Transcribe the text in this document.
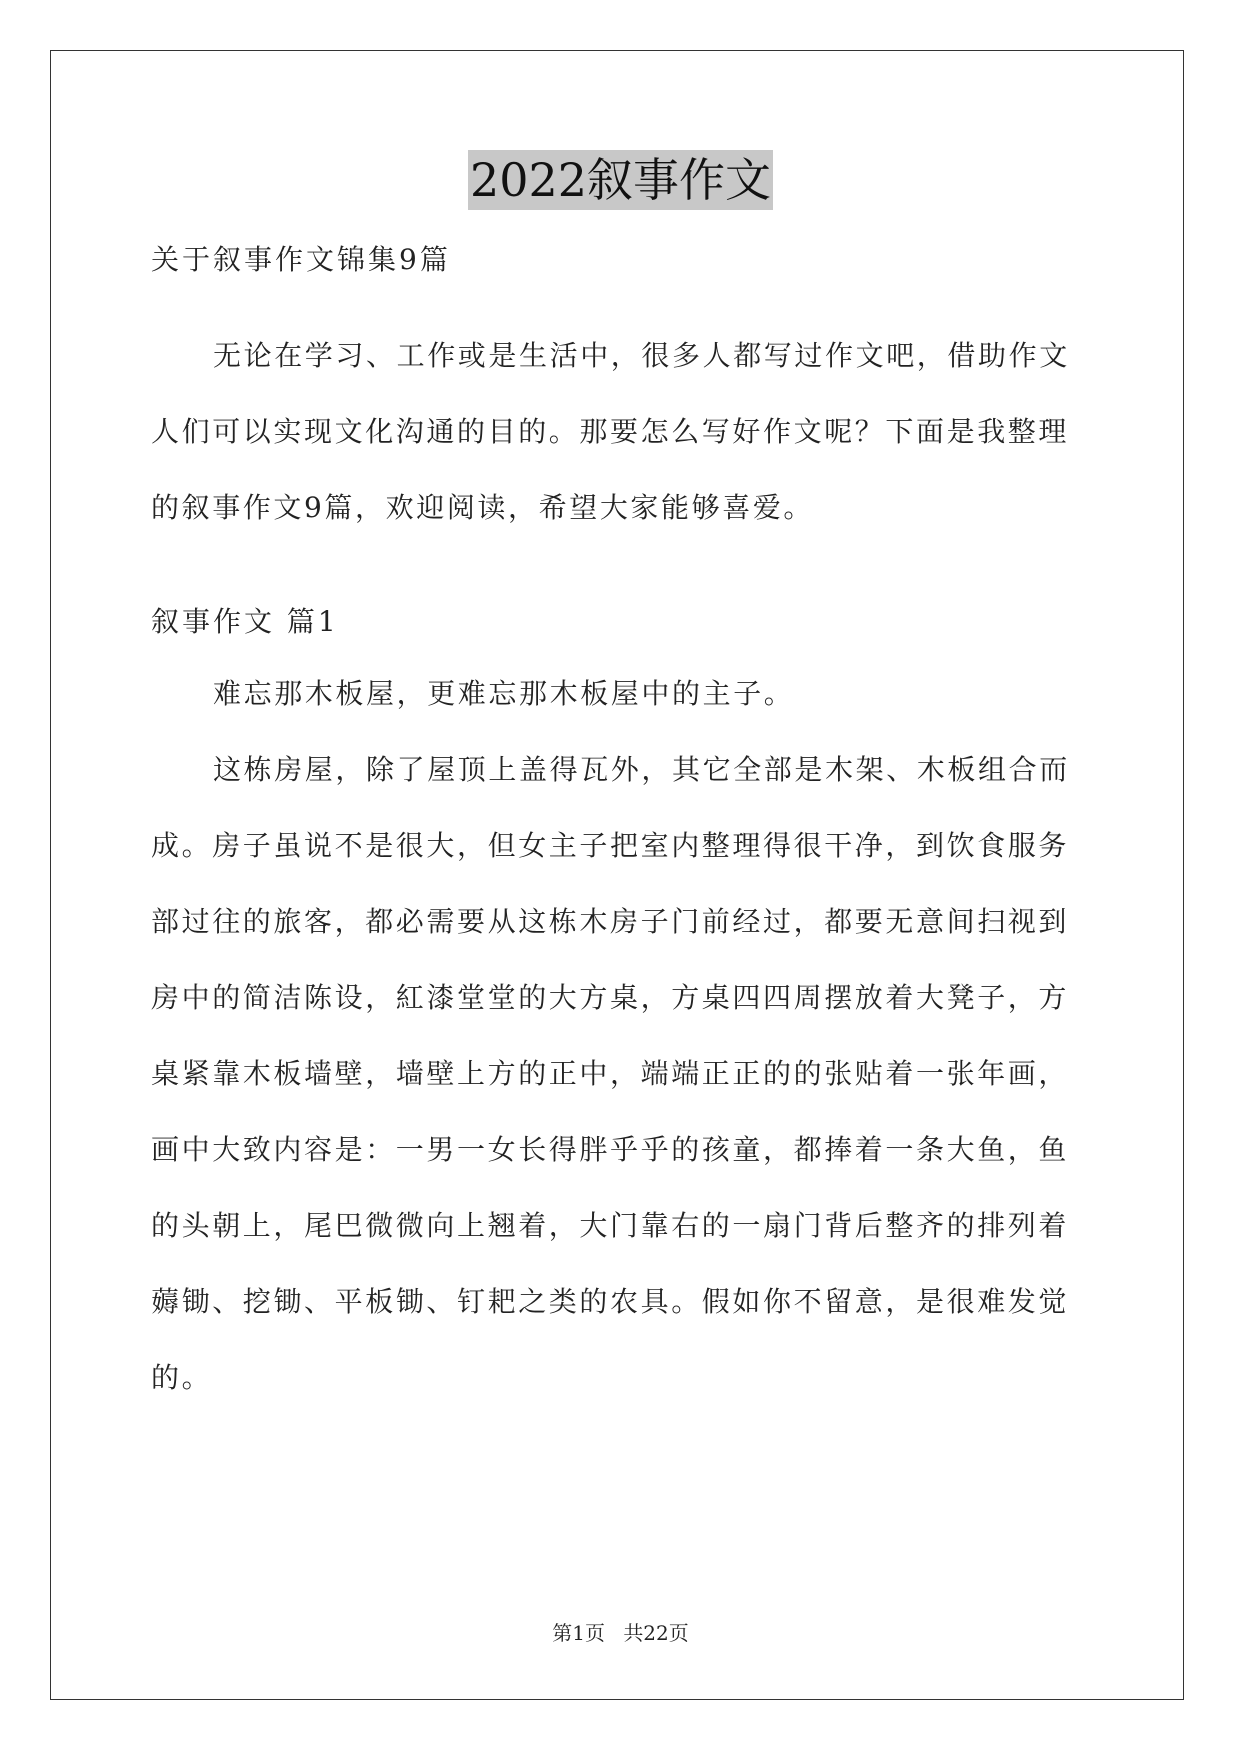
2022叙事作文
关于叙事作文锦集9篇

无论在学习、工作或是生活中，很多人都写过作文吧，借助作文人们可以实现文化沟通的目的。那要怎么写好作文呢？下面是我整理的叙事作文9篇，欢迎阅读，希望大家能够喜爱。

叙事作文 篇1

难忘那木板屋，更难忘那木板屋中的主子。

这栋房屋，除了屋顶上盖得瓦外，其它全部是木架、木板组合而成。房子虽说不是很大，但女主子把室内整理得很干净，到饮食服务部过往的旅客，都必需要从这栋木房子门前经过，都要无意间扫视到房中的简洁陈设，紅漆堂堂的大方桌，方桌四四周摆放着大凳子，方桌紧靠木板墙壁，墙壁上方的正中，端端正正的的张贴着一张年画，画中大致内容是：一男一女长得胖乎乎的孩童，都捧着一条大鱼，鱼的头朝上，尾巴微微向上翘着，大门靠右的一扇门背后整齐的排列着薅锄、挖锄、平板锄、钉耙之类的农具。假如你不留意，是很难发觉的。

第1页 共22页
